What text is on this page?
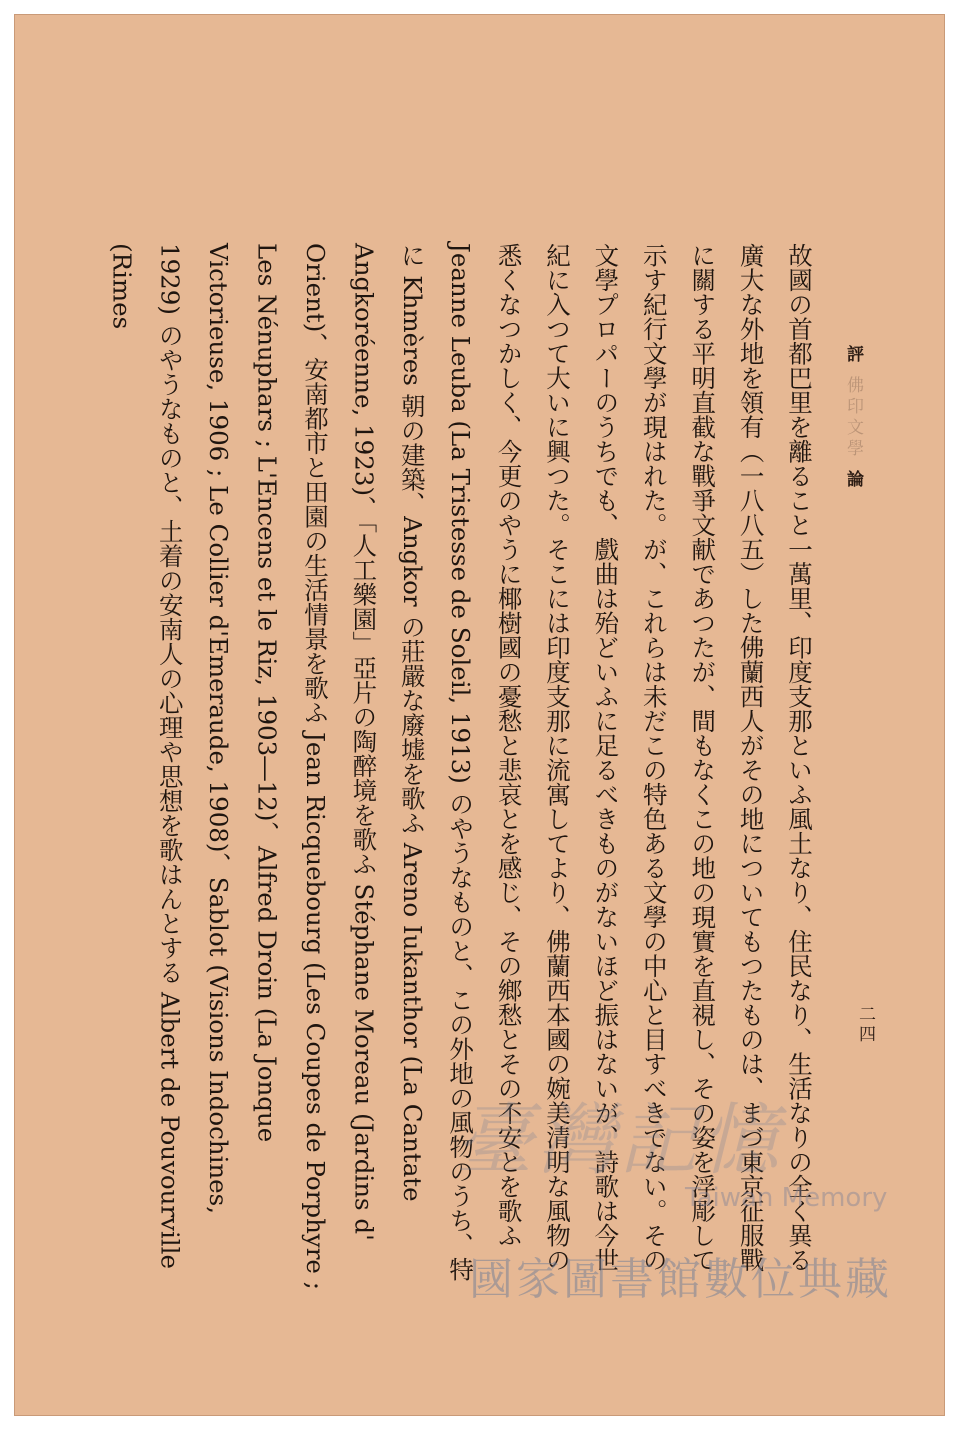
評 佛印文學 論
二四

故國の首都巴里を離ること一萬里、印度支那といふ風土なり、住民なり、生活なりの全く異る廣大な外地を領有（一八八五）した佛蘭西人がその地についてもつたものは、まづ東京征服戰に關する平明直截な戰爭文献であつたが、間もなくこの地の現實を直視し、その姿を浮彫して示す紀行文學が現はれた。が、これらは未だこの特色ある文學の中心と目すべきでない。その文學プロパーのうちでも、戲曲は殆どいふに足るべきものがないほど振はないが、詩歌は今世紀に入つて大いに興つた。そこには印度支那に流寓してより、佛蘭西本國の婉美清明な風物の悉くなつかしく、今更のやうに椰樹國の憂愁と悲哀とを感じ、その鄉愁とその不安とを歌ふ Jeanne Leuba (La Tristesse de Soleil, 1913) のやうなものと、この外地の風物のうち、特に Khmères 朝の建築、Angkor の莊嚴な廢墟を歌ふ Areno Iukanthor (La Cantate Angkoréenne, 1923)、「人工樂園」亞片の陶醉境を歌ふ Stéphane Moreau (Jardins d' Orient)、安南都市と田園の生活情景を歌ふ Jean Ricquebourg (Les Coupes de Porphyre ; Les Nénuphars ; L'Encens et le Riz, 1903―12)、Alfred Droin (La Jonque Victorieuse, 1906 ; Le Collier d'Emeraude, 1908)、Sablot (Visions Indochines, 1929) のやうなものと、土着の安南人の心理や思想を歌はんとする Albert de Pouvourville (Rimes

臺灣記憶
Taiwan Memory
國家圖書館數位典藏
